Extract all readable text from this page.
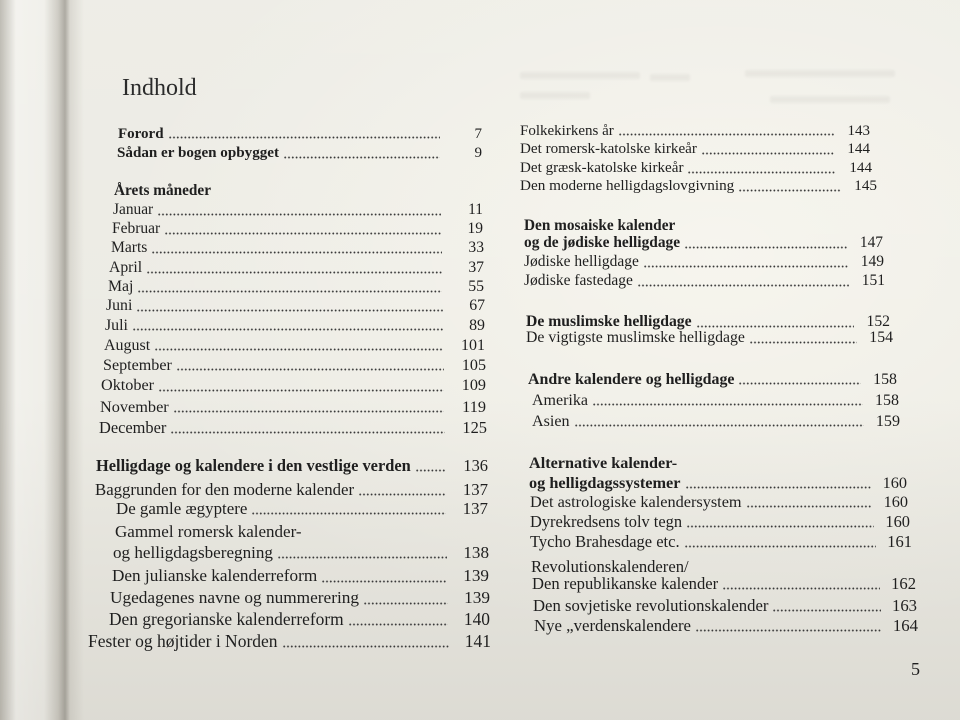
Indhold
Forord	7
Sådan er bogen opbygget	9
Årets måneder
Januar	11
Februar	19
Marts	33
April	37
Maj	55
Juni	67
Juli	89
August	101
September	105
Oktober	109
November	119
December	125
Helligdage og kalendere i den vestlige verden	136
Baggrunden for den moderne kalender	137
De gamle ægyptere	137
Gammel romersk kalender-
og helligdagsberegning	138
Den julianske kalenderreform	139
Ugedagenes navne og nummerering	139
Den gregorianske kalenderreform	140
Fester og højtider i Norden	141
Folkekirkens år	143
Det romersk-katolske kirkeår	144
Det græsk-katolske kirkeår	144
Den moderne helligdagslovgivning	145
Den mosaiske kalender
og de jødiske helligdage	147
Jødiske helligdage	149
Jødiske fastedage	151
De muslimske helligdage	152
De vigtigste muslimske helligdage	154
Andre kalendere og helligdage	158
Amerika	158
Asien	159
Alternative kalender-
og helligdagssystemer	160
Det astrologiske kalendersystem	160
Dyrekredsens tolv tegn	160
Tycho Brahesdage etc.	161
Revolutionskalenderen/
Den republikanske kalender	162
Den sovjetiske revolutionskalender	163
Nye „verdenskalendere	164
5
